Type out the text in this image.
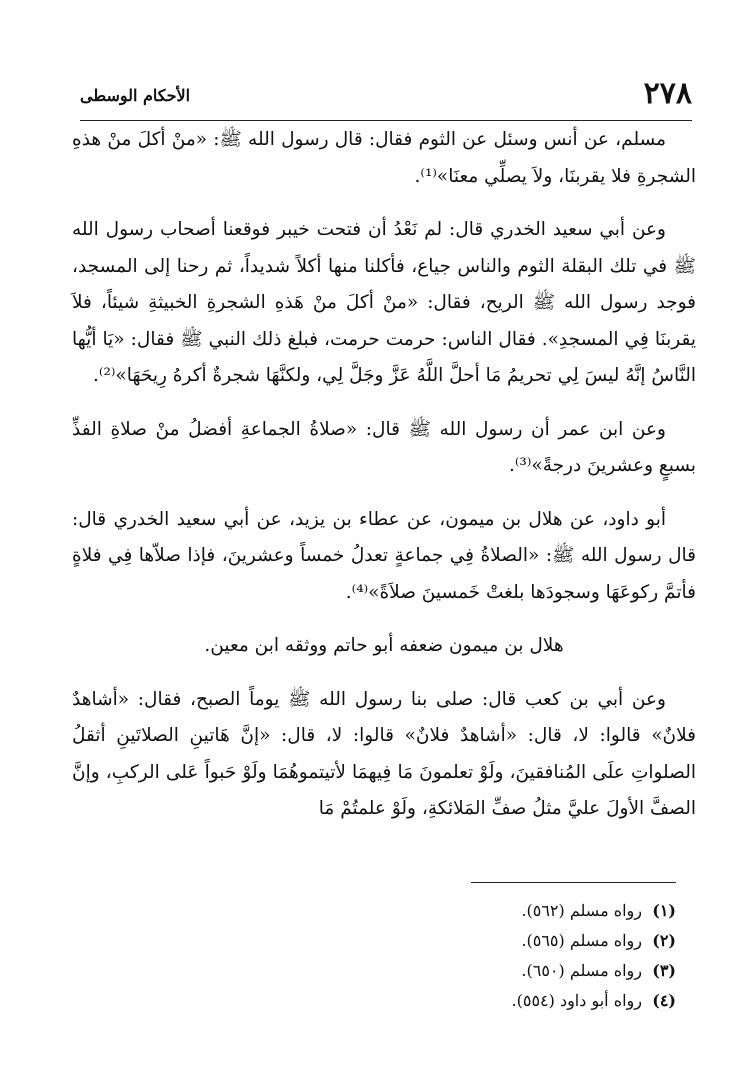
٢٧٨
الأحكام الوسطى

مسلم، عن أنس وسئل عن الثوم فقال: قال رسول الله ﷺ: «منْ أكلَ منْ هذهِ الشجرةِ فلا يقربنَا، ولاَ يصلِّي معنَا»⁽¹⁾.

وعن أبي سعيد الخدري قال: لم نَعْدُ أن فتحت خيبر فوقعنا أصحاب رسول الله ﷺ في تلك البقلة الثوم والناس جياع، فأكلنا منها أكلاً شديداً، ثم رحنا إلى المسجد، فوجد رسول الله ﷺ الريح، فقال: «منْ أكلَ منْ هَذهِ الشجرةِ الخبيثةِ شيئاً، فلاَ يقربنَا فِي المسجدِ». فقال الناس: حرمت حرمت، فبلغ ذلك النبي ﷺ فقال: «يَا أيُّها النَّاسُ إنَّهُ ليسَ لِي تحريمُ مَا أحلَّ اللَّهُ عَزَّ وجَلَّ لِي، ولكنَّهَا شجرةٌ أكرهُ رِيحَهَا»⁽²⁾.

وعن ابن عمر أن رسول الله ﷺ قال: «صلاةُ الجماعةِ أفضلُ منْ صلاةِ الفذِّ بسبعٍ وعشرينَ درجةً»⁽³⁾.

أبو داود، عن هلال بن ميمون، عن عطاء بن يزيد، عن أبي سعيد الخدري قال: قال رسول الله ﷺ: «الصلاةُ فِي جماعةٍ تعدلُ خمساً وعشرينَ، فإذا صلاّها فِي فلاةٍ فأتمَّ ركوعَهَا وسجودَها بلغتْ خَمسينَ صلاَةً»⁽⁴⁾.

هلال بن ميمون ضعفه أبو حاتم ووثقه ابن معين.

وعن أبي بن كعب قال: صلى بنا رسول الله ﷺ يوماً الصبح، فقال: «أشاهدٌ فلانٌ» قالوا: لا، قال: «أشاهدٌ فلانٌ» قالوا: لا، قال: «إنَّ هَاتينِ الصلاتَينِ أثقلُ الصلواتِ علَى المُنافقينَ، ولَوْ تعلمونَ مَا فِيهمَا لأتيتموهُمَا ولَوْ حَبواً عَلى الركبِ، وإنَّ الصفَّ الأولَ عليَّ مثلُ صفِّ المَلائكةِ، ولَوْ علمتُمْ مَا

(١)
رواه مسلم (٥٦٢).
(٢)
رواه مسلم (٥٦٥).
(٣)
رواه مسلم (٦٥٠).
(٤)
رواه أبو داود (٥٥٤).
